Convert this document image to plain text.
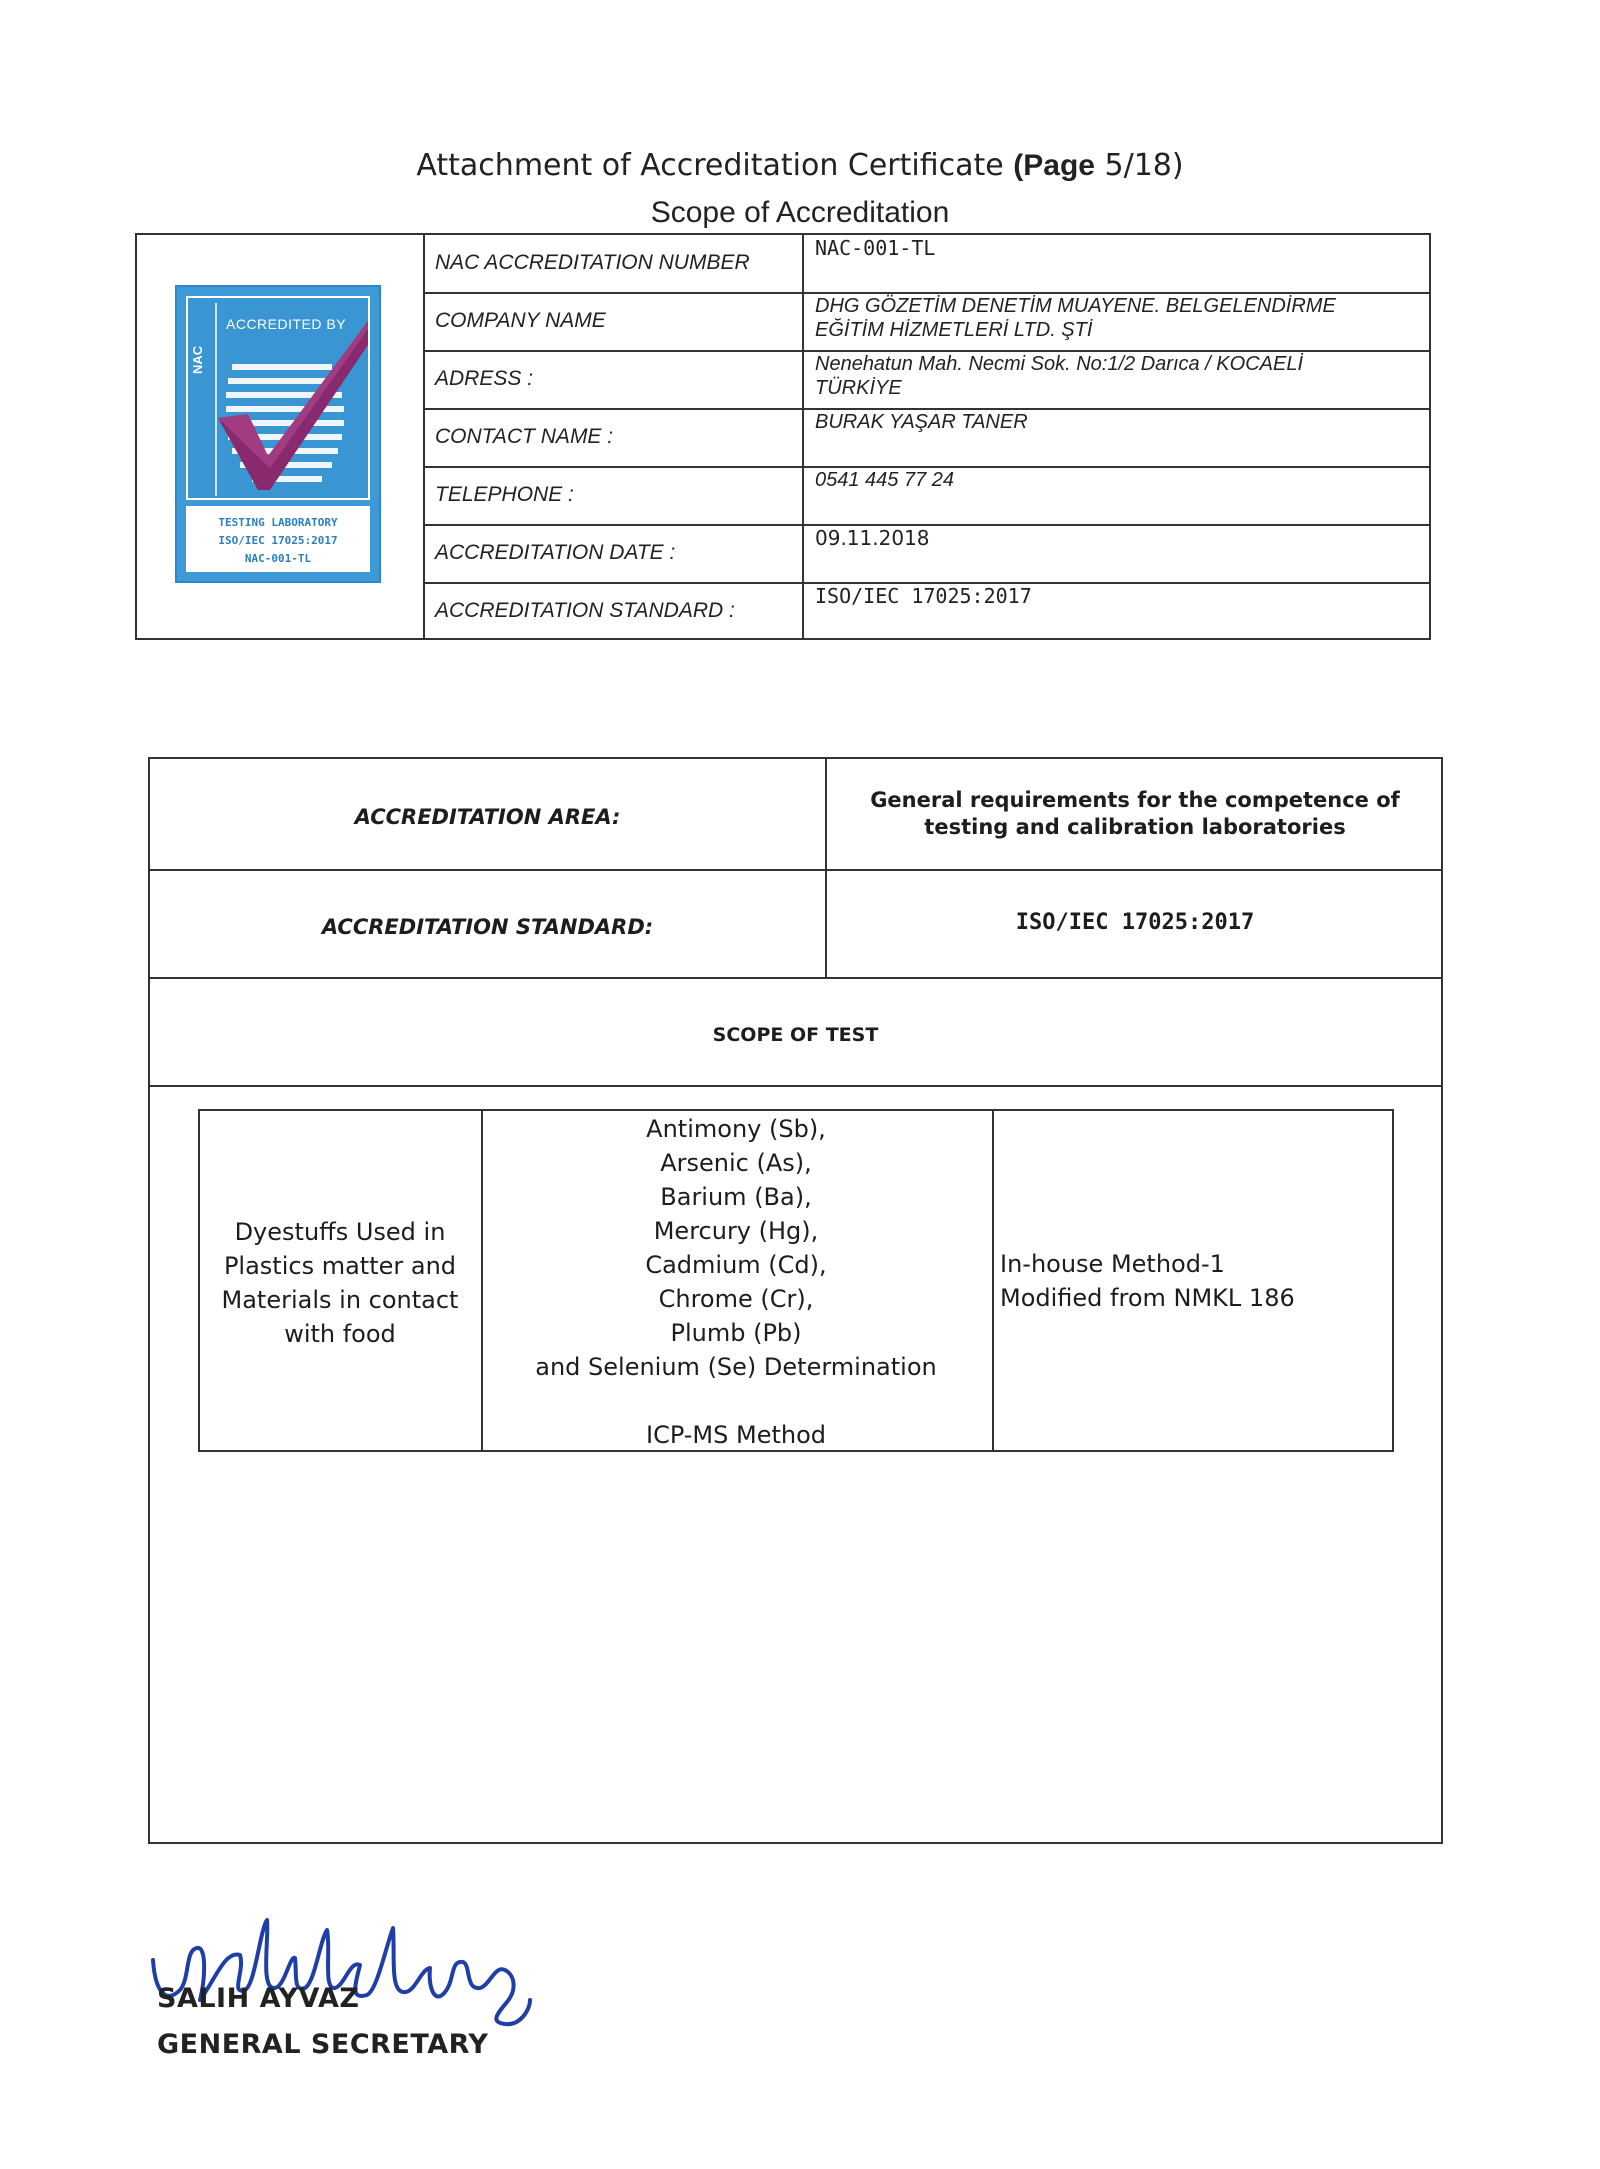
Attachment of Accreditation Certificate (Page 5/18)
Scope of Accreditation
NAC ACCREDITATION NUMBER
NAC-001-TL
COMPANY NAME
DHG GÖZETİM DENETİM MUAYENE. BELGELENDİRME
EĞİTİM HİZMETLERİ LTD. ŞTİ
ADRESS :
Nenehatun Mah. Necmi Sok. No:1/2 Darıca / KOCAELİ
TÜRKİYE
CONTACT NAME :
BURAK YAŞAR TANER
TELEPHONE :
0541 445 77 24
ACCREDITATION DATE :
09.11.2018
ACCREDITATION STANDARD :
ISO/IEC 17025:2017
ACCREDITED BY
NAC
TESTING LABORATORY
ISO/IEC 17025:2017
NAC-001-TL
ACCREDITATION AREA:
General requirements for the competence of
testing and calibration laboratories
ACCREDITATION STANDARD:	ISO/IEC 17025:2017
SCOPE OF TEST
Dyestuffs Used in
Plastics matter and
Materials in contact
with food
Antimony (Sb),
Arsenic (As),
Barium (Ba),
Mercury (Hg),
Cadmium (Cd),
Chrome (Cr),
Plumb (Pb)
and Selenium (Se) Determination
ICP-MS Method
In-house Method-1
Modified from NMKL 186
SALIH AYVAZ
GENERAL SECRETARY
